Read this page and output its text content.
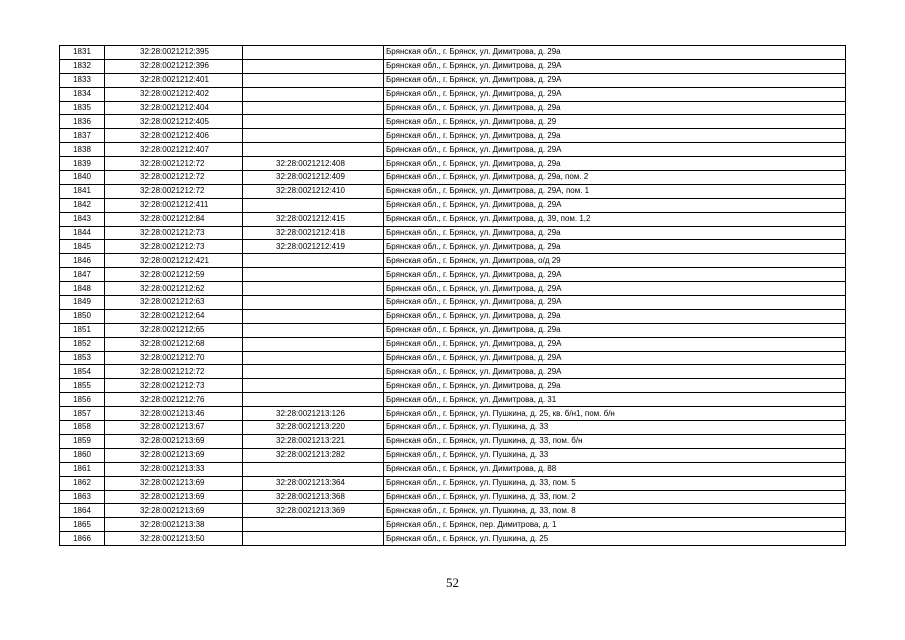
1831	32:28:0021212:395		Брянская обл., г. Брянск, ул. Димитрова, д. 29а
1832	32:28:0021212:396		Брянская обл., г. Брянск, ул. Димитрова, д. 29А
1833	32:28:0021212:401		Брянская обл., г. Брянск, ул. Димитрова, д. 29А
1834	32:28:0021212:402		Брянская обл., г. Брянск, ул. Димитрова, д. 29А
1835	32:28:0021212:404		Брянская обл., г. Брянск, ул. Димитрова, д. 29а
1836	32:28:0021212:405		Брянская обл., г. Брянск, ул. Димитрова, д. 29
1837	32:28:0021212:406		Брянская обл., г. Брянск, ул. Димитрова, д. 29а
1838	32:28:0021212:407		Брянская обл., г. Брянск, ул. Димитрова, д. 29А
1839	32:28:0021212:72	32:28:0021212:408	Брянская обл., г. Брянск, ул. Димитрова, д. 29а
1840	32:28:0021212:72	32:28:0021212:409	Брянская обл., г. Брянск, ул. Димитрова, д. 29а, пом. 2
1841	32:28:0021212:72	32:28:0021212:410	Брянская обл., г. Брянск, ул. Димитрова, д. 29А, пом. 1
1842	32:28:0021212:411		Брянская обл., г. Брянск, ул. Димитрова, д. 29А
1843	32:28:0021212:84	32:28:0021212:415	Брянская обл., г. Брянск, ул. Димитрова, д. 39, пом. 1,2
1844	32:28:0021212:73	32:28:0021212:418	Брянская обл., г. Брянск, ул. Димитрова, д. 29а
1845	32:28:0021212:73	32:28:0021212:419	Брянская обл., г. Брянск, ул. Димитрова, д. 29а
1846	32:28:0021212:421		Брянская обл., г. Брянск, ул. Димитрова, о/д 29
1847	32:28:0021212:59		Брянская обл., г. Брянск, ул. Димитрова, д. 29А
1848	32:28:0021212:62		Брянская обл., г. Брянск, ул. Димитрова, д. 29А
1849	32:28:0021212:63		Брянская обл., г. Брянск, ул. Димитрова, д. 29А
1850	32:28:0021212:64		Брянская обл., г. Брянск, ул. Димитрова, д. 29а
1851	32:28:0021212:65		Брянская обл., г. Брянск, ул. Димитрова, д. 29а
1852	32:28:0021212:68		Брянская обл., г. Брянск, ул. Димитрова, д. 29А
1853	32:28:0021212:70		Брянская обл., г. Брянск, ул. Димитрова, д. 29А
1854	32:28:0021212:72		Брянская обл., г. Брянск, ул. Димитрова, д. 29А
1855	32:28:0021212:73		Брянская обл., г. Брянск, ул. Димитрова, д. 29а
1856	32:28:0021212:76		Брянская обл., г. Брянск, ул. Димитрова, д. 31
1857	32:28:0021213:46	32:28:0021213:126	Брянская обл., г. Брянск, ул. Пушкина, д. 25, кв. б/н1, пом. б/н
1858	32:28:0021213:67	32:28:0021213:220	Брянская обл., г. Брянск, ул. Пушкина, д. 33
1859	32:28:0021213:69	32:28:0021213:221	Брянская обл., г. Брянск, ул. Пушкина, д. 33, пом. б/н
1860	32:28:0021213:69	32:28:0021213:282	Брянская обл., г. Брянск, ул. Пушкина, д. 33
1861	32:28:0021213:33		Брянская обл., г. Брянск, ул. Димитрова, д. 88
1862	32:28:0021213:69	32:28:0021213:364	Брянская обл., г. Брянск, ул. Пушкина, д. 33, пом. 5
1863	32:28:0021213:69	32:28:0021213:368	Брянская обл., г. Брянск, ул. Пушкина, д. 33, пом. 2
1864	32:28:0021213:69	32:28:0021213:369	Брянская обл., г. Брянск, ул. Пушкина, д. 33, пом. 8
1865	32:28:0021213:38		Брянская обл., г. Брянск, пер. Димитрова, д. 1
1866	32:28:0021213:50		Брянская обл., г. Брянск, ул. Пушкина, д. 25
52
